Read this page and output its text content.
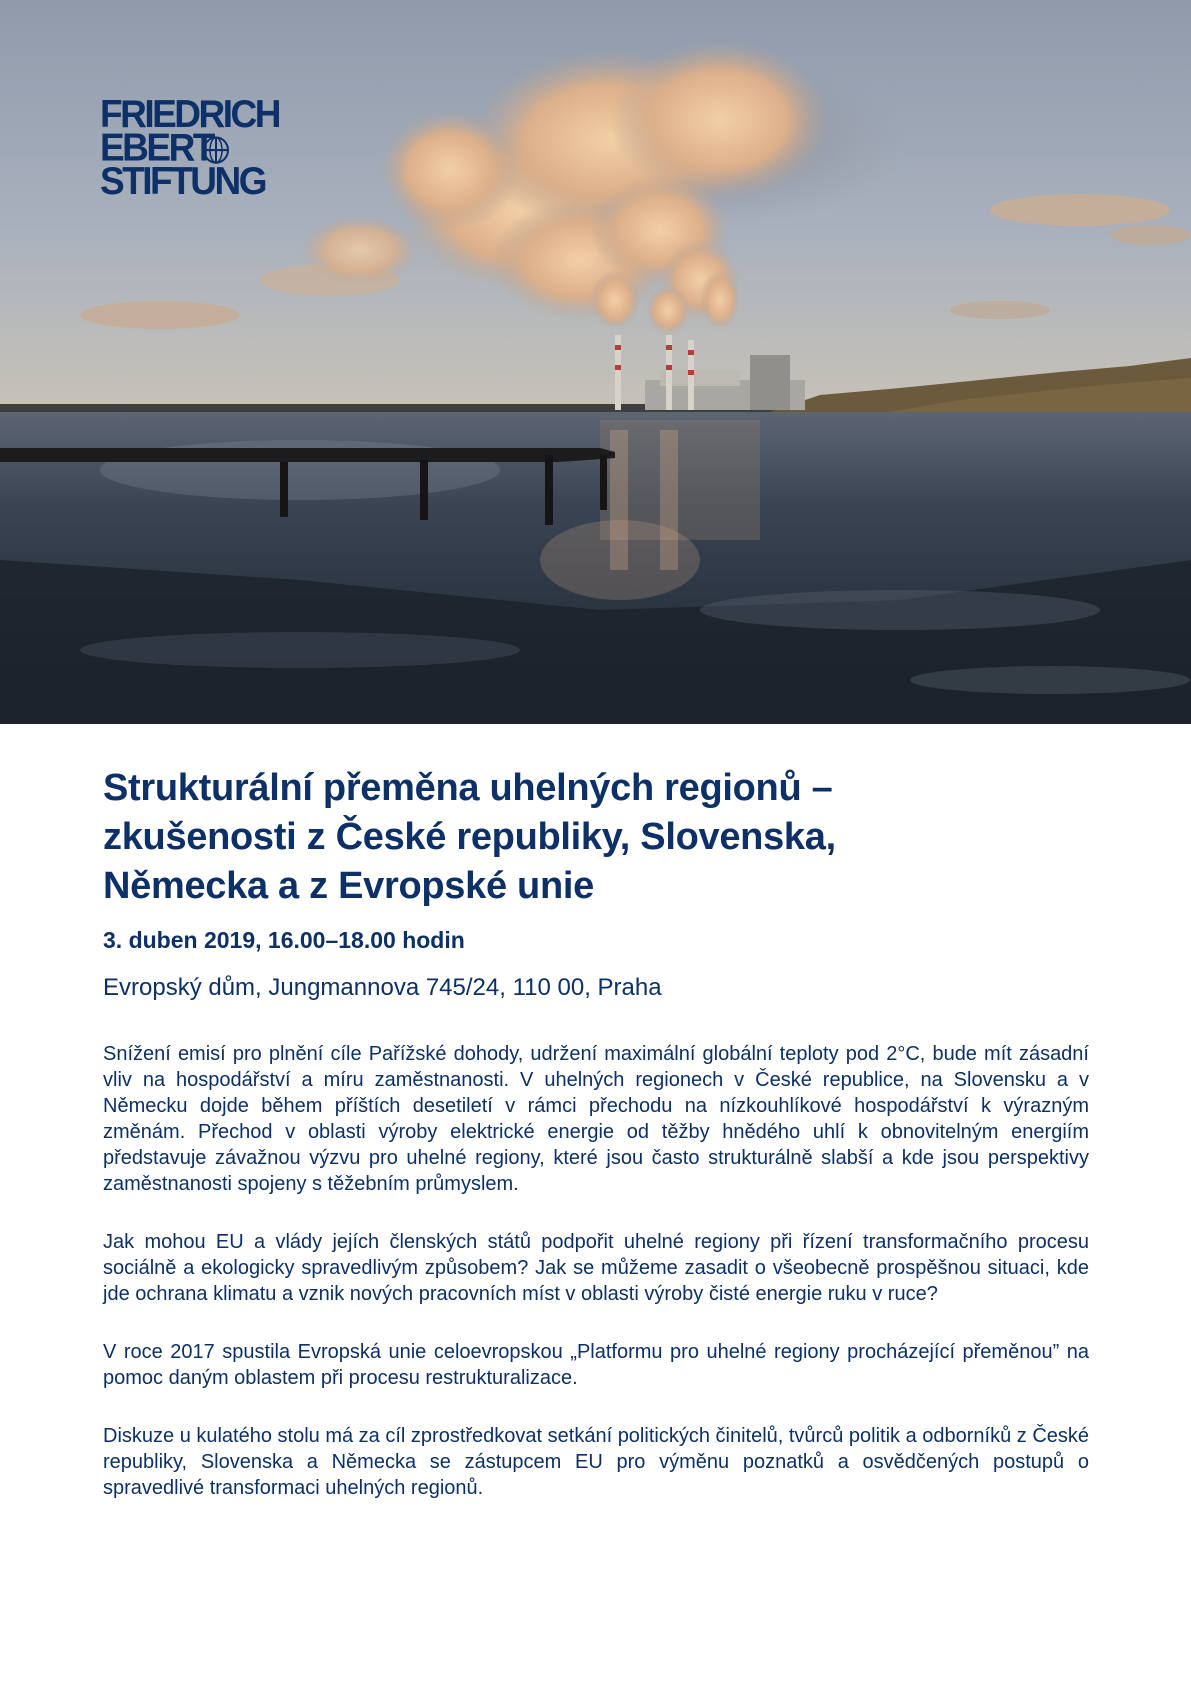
FRIEDRICH
EBERT
STIFTUNG
Strukturální přeměna uhelných regionů –
zkušenosti z České republiky, Slovenska,
Německa a z Evropské unie
3. duben 2019, 16.00–18.00 hodin
Evropský dům, Jungmannova 745/24, 110 00, Praha

Snížení emisí pro plnění cíle Pařížské dohody, udržení maximální globální teploty pod 2°C, bude mít zásadní vliv na hospodářství a míru zaměstnanosti. V uhelných regionech v České republice, na Slovensku a v Německu dojde během příštích desetiletí v rámci přechodu na nízkouhlíkové hospodářství k výrazným změnám. Přechod v oblasti výroby elektrické energie od těžby hnědého uhlí k obnovitelným energiím představuje závažnou výzvu pro uhelné regiony, které jsou často strukturálně slabší a kde jsou perspektivy zaměstnanosti spojeny s těžebním průmyslem.

Jak mohou EU a vlády jejích členských států podpořit uhelné regiony při řízení transformačního procesu sociálně a ekologicky spravedlivým způsobem? Jak se můžeme zasadit o všeobecně prospěšnou situaci, kde jde ochrana klimatu a vznik nových pracovních míst v oblasti výroby čisté energie ruku v ruce?

V roce 2017 spustila Evropská unie celoevropskou „Platformu pro uhelné regiony procházející přeměnou” na pomoc daným oblastem při procesu restrukturalizace.

Diskuze u kulatého stolu má za cíl zprostředkovat setkání politických činitelů, tvůrců politik a odborníků z České republiky, Slovenska a Německa se zástupcem EU pro výměnu poznatků a osvědčených postupů o spravedlivé transformaci uhelných regionů.
